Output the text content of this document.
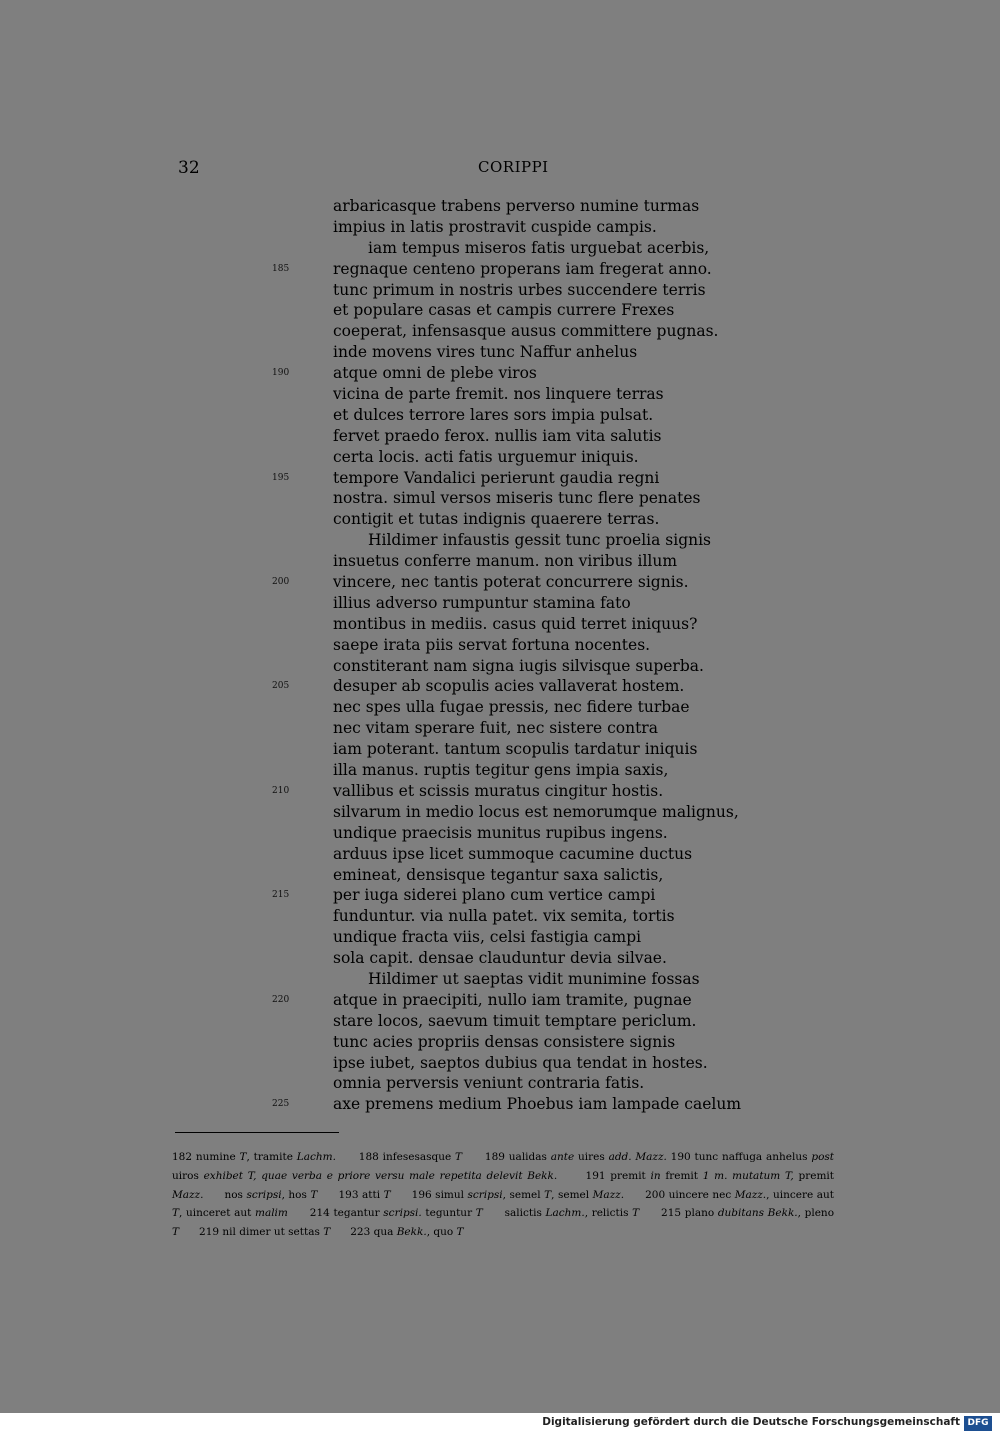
32	CORIPPI
arbaricasque trabens perverso numine turmas
impius in latis prostravit cuspide campis.
iam tempus miseros fatis urguebat acerbis,
185	regnaque centeno properans iam fregerat anno.
tunc primum in nostris urbes succendere terris
et populare casas et campis currere Frexes
coeperat, infensasque ausus committere pugnas.
inde movens vires tunc Naffur anhelus
190	atque omni de plebe viros
vicina de parte fremit. nos linquere terras
et dulces terrore lares sors impia pulsat.
fervet praedo ferox. nullis iam vita salutis
certa locis. acti fatis urguemur iniquis.
195	tempore Vandalici perierunt gaudia regni
nostra. simul versos miseris tunc flere penates
contigit et tutas indignis quaerere terras.
Hildimer infaustis gessit tunc proelia signis
insuetus conferre manum. non viribus illum
200	vincere, nec tantis poterat concurrere signis.
illius adverso rumpuntur stamina fato
montibus in mediis. casus quid terret iniquus?
saepe irata piis servat fortuna nocentes.
constiterant nam signa iugis silvisque superba.
205	desuper ab scopulis acies vallaverat hostem.
nec spes ulla fugae pressis, nec fidere turbae
nec vitam sperare fuit, nec sistere contra
iam poterant. tantum scopulis tardatur iniquis
illa manus. ruptis tegitur gens impia saxis,
210	vallibus et scissis muratus cingitur hostis.
silvarum in medio locus est nemorumque malignus,
undique praecisis munitus rupibus ingens.
arduus ipse licet summoque cacumine ductus
emineat, densisque tegantur saxa salictis,
215	per iuga siderei plano cum vertice campi
funduntur. via nulla patet. vix semita, tortis
undique fracta viis, celsi fastigia campi
sola capit. densae clauduntur devia silvae.
Hildimer ut saeptas vidit munimine fossas
220	atque in praecipiti, nullo iam tramite, pugnae
stare locos, saevum timuit temptare periclum.
tunc acies propriis densas consistere signis
ipse iubet, saeptos dubius qua tendat in hostes.
omnia perversis veniunt contraria fatis.
225	axe premens medium Phoebus iam lampade caelum
182 numine T, tramite Lachm.      188 infesesasque T      189 ualidas ante uires add. Mazz. 190 tunc naffuga anhelus post uiros exhibet T, quae verba e priore versu male repetita delevit Bekk.      191 premit in fremit 1 m. mutatum T, premit Mazz.      nos scripsi, hos T      193 atti T      196 simul scripsi, semel T, semel Mazz.      200 uincere nec Mazz., uincere aut T, uinceret aut malim      214 tegantur scripsi. teguntur T      salictis Lachm., relictis T      215 plano dubitans Bekk., pleno T      219 nil dimer ut settas T      223 qua Bekk., quo T
Digitalisierung gefördert durch die Deutsche Forschungsgemeinschaft DFG
